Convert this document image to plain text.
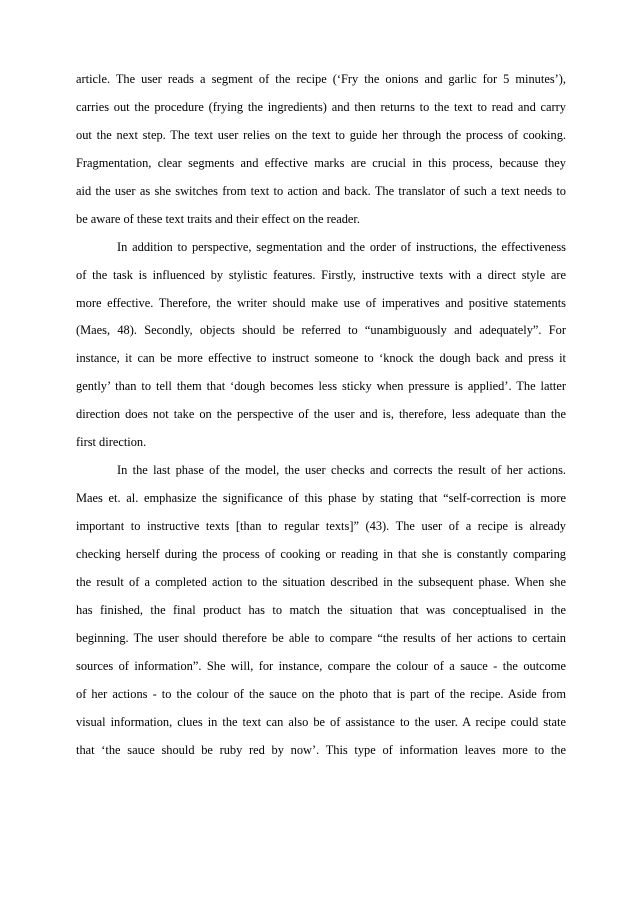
article. The user reads a segment of the recipe (‘Fry the onions and garlic for 5 minutes’),
carries out the procedure (frying the ingredients) and then returns to the text to read and carry
out the next step. The text user relies on the text to guide her through the process of cooking.
Fragmentation, clear segments and effective marks are crucial in this process, because they
aid the user as she switches from text to action and back. The translator of such a text needs to
be aware of these text traits and their effect on the reader.
In addition to perspective, segmentation and the order of instructions, the effectiveness
of the task is influenced by stylistic features. Firstly, instructive texts with a direct style are
more effective. Therefore, the writer should make use of imperatives and positive statements
(Maes, 48). Secondly, objects should be referred to “unambiguously and adequately”. For
instance, it can be more effective to instruct someone to ‘knock the dough back and press it
gently’ than to tell them that ‘dough becomes less sticky when pressure is applied’. The latter
direction does not take on the perspective of the user and is, therefore, less adequate than the
first direction.
In the last phase of the model, the user checks and corrects the result of her actions.
Maes et. al. emphasize the significance of this phase by stating that “self-correction is more
important to instructive texts [than to regular texts]” (43). The user of a recipe is already
checking herself during the process of cooking or reading in that she is constantly comparing
the result of a completed action to the situation described in the subsequent phase. When she
has finished, the final product has to match the situation that was conceptualised in the
beginning. The user should therefore be able to compare “the results of her actions to certain
sources of information”. She will, for instance, compare the colour of a sauce - the outcome
of her actions - to the colour of the sauce on the photo that is part of the recipe. Aside from
visual information, clues in the text can also be of assistance to the user. A recipe could state
that ‘the sauce should be ruby red by now’. This type of information leaves more to the
